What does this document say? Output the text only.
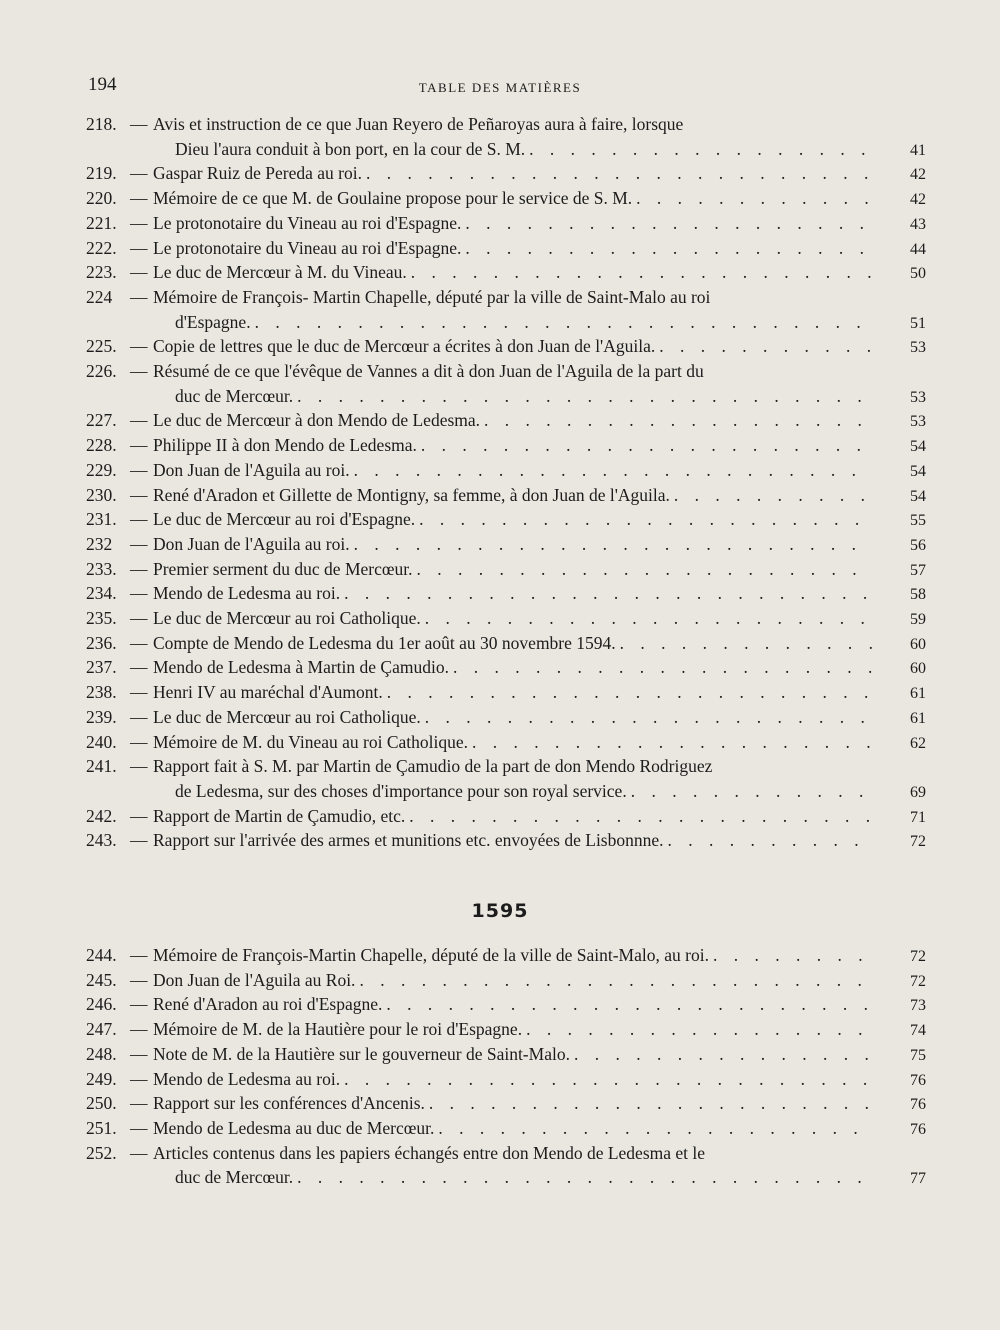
194	TABLE DES MATIÈRES
218. — Avis et instruction de ce que Juan Reyero de Peñaroyas aura à faire, lorsque
Dieu l'aura conduit à bon port, en la cour de S. M. . . .	41
219. — Gaspar Ruiz de Pereda au roi. . . .	42
220. — Mémoire de ce que M. de Goulaine propose pour le service de S. M. . . .	42
221. — Le protonotaire du Vineau au roi d'Espagne. . . .	43
222. — Le protonotaire du Vineau au roi d'Espagne. . . .	44
223. — Le duc de Mercœur à M. du Vineau. . . .	50
224 — Mémoire de François- Martin Chapelle, député par la ville de Saint-Malo au roi
d'Espagne. . . .	51
225. — Copie de lettres que le duc de Mercœur a écrites à don Juan de l'Aguila. . . .	53
226. — Résumé de ce que l'évêque de Vannes a dit à don Juan de l'Aguila de la part du
duc de Mercœur. . . .	53
227. — Le duc de Mercœur à don Mendo de Ledesma. . . .	53
228. — Philippe II à don Mendo de Ledesma. . . .	54
229. — Don Juan de l'Aguila au roi. . . .	54
230. — René d'Aradon et Gillette de Montigny, sa femme, à don Juan de l'Aguila. . . .	54
231. — Le duc de Mercœur au roi d'Espagne. . . .	55
232 — Don Juan de l'Aguila au roi. . . .	56
233. — Premier serment du duc de Mercœur. . . .	57
234. — Mendo de Ledesma au roi. . . .	58
235. — Le duc de Mercœur au roi Catholique. . . .	59
236. — Compte de Mendo de Ledesma du 1er août au 30 novembre 1594. . . .	60
237. — Mendo de Ledesma à Martin de Çamudio. . . .	60
238. — Henri IV au maréchal d'Aumont. . . .	61
239. — Le duc de Mercœur au roi Catholique. . . .	61
240. — Mémoire de M. du Vineau au roi Catholique. . . .	62
241. — Rapport fait à S. M. par Martin de Çamudio de la part de don Mendo Rodriguez
de Ledesma, sur des choses d'importance pour son royal service. . . .	69
242. — Rapport de Martin de Çamudio, etc. . . .	71
243. — Rapport sur l'arrivée des armes et munitions etc. envoyées de Lisbonnne. . . .	72
1595
244. — Mémoire de François-Martin Chapelle, député de la ville de Saint-Malo, au roi. . . .	72
245. — Don Juan de l'Aguila au Roi. . . .	72
246. — René d'Aradon au roi d'Espagne. . . .	73
247. — Mémoire de M. de la Hautière pour le roi d'Espagne. . . .	74
248. — Note de M. de la Hautière sur le gouverneur de Saint-Malo. . . .	75
249. — Mendo de Ledesma au roi. . . .	76
250. — Rapport sur les conférences d'Ancenis. . . .	76
251. — Mendo de Ledesma au duc de Mercœur. . . .	76
252. — Articles contenus dans les papiers échangés entre don Mendo de Ledesma et le
duc de Mercœur. . . .	77
